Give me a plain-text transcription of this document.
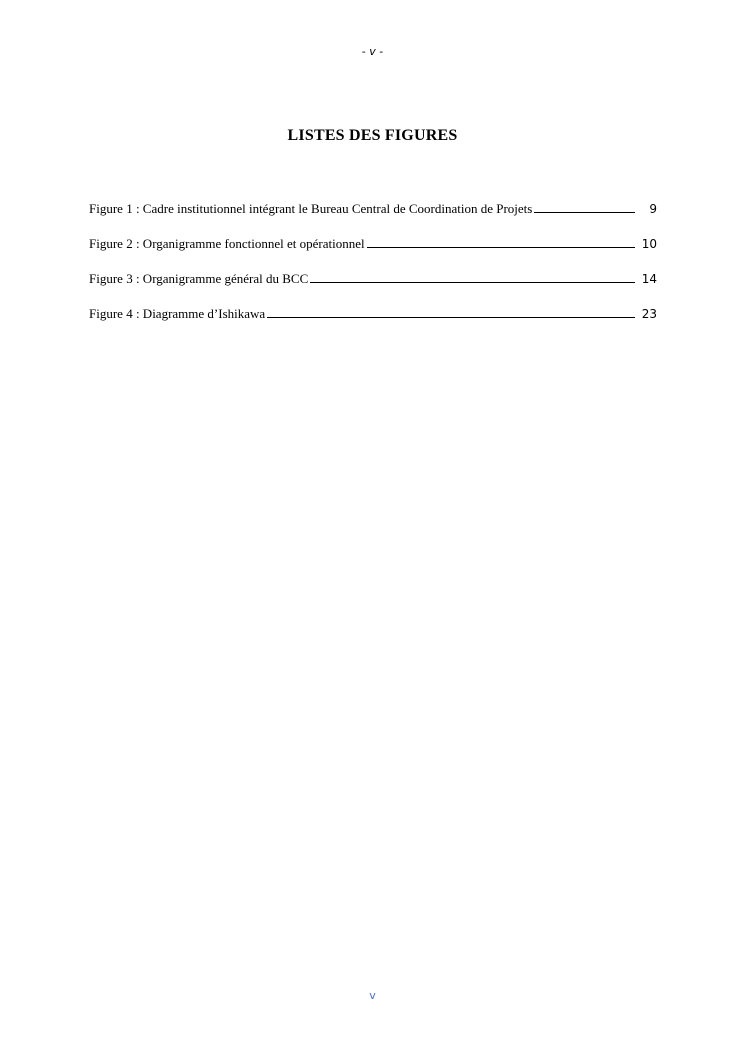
- v -
LISTES DES FIGURES
Figure 1 : Cadre institutionnel intégrant le Bureau Central de Coordination de Projets	9
Figure 2 : Organigramme fonctionnel et opérationnel	10
Figure 3 : Organigramme général du BCC	14
Figure 4 : Diagramme d’Ishikawa	23
v
